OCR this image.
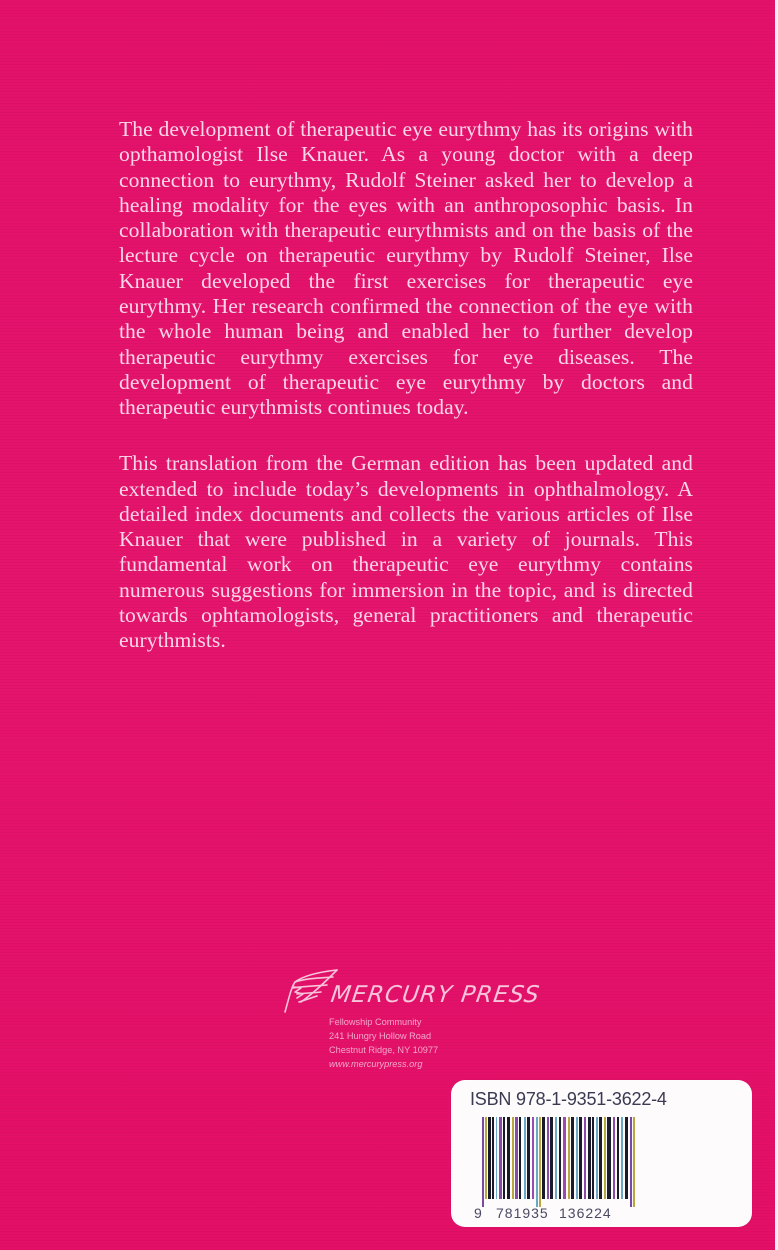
The development of therapeutic eye eurythmy has its origins with opthamologist Ilse Knauer. As a young doctor with a deep connection to eurythmy, Rudolf Steiner asked her to develop a healing modality for the eyes with an anthroposophic basis. In collaboration with therapeutic eurythmists and on the basis of the lecture cycle on therapeutic eurythmy by Rudolf Steiner, Ilse Knauer developed the first exercises for therapeutic eye eurythmy. Her research confirmed the connection of the eye with the whole human being and enabled her to further develop therapeutic eurythmy exercises for eye diseases. The development of therapeutic eye eurythmy by doctors and therapeutic eurythmists continues today.

This translation from the German edition has been updated and extended to include today’s developments in ophthalmology. A detailed index documents and collects the various articles of Ilse Knauer that were published in a variety of journals. This fundamental work on therapeutic eye eurythmy contains numerous suggestions for immersion in the topic, and is directed towards ophtamologists, general practitioners and therapeutic eurythmists.

MERCURY PRESS
Fellowship Community
241 Hungry Hollow Road
Chestnut Ridge, NY 10977
www.mercurypress.org
ISBN 978-1-9351-3622-4
9 781935 136224
